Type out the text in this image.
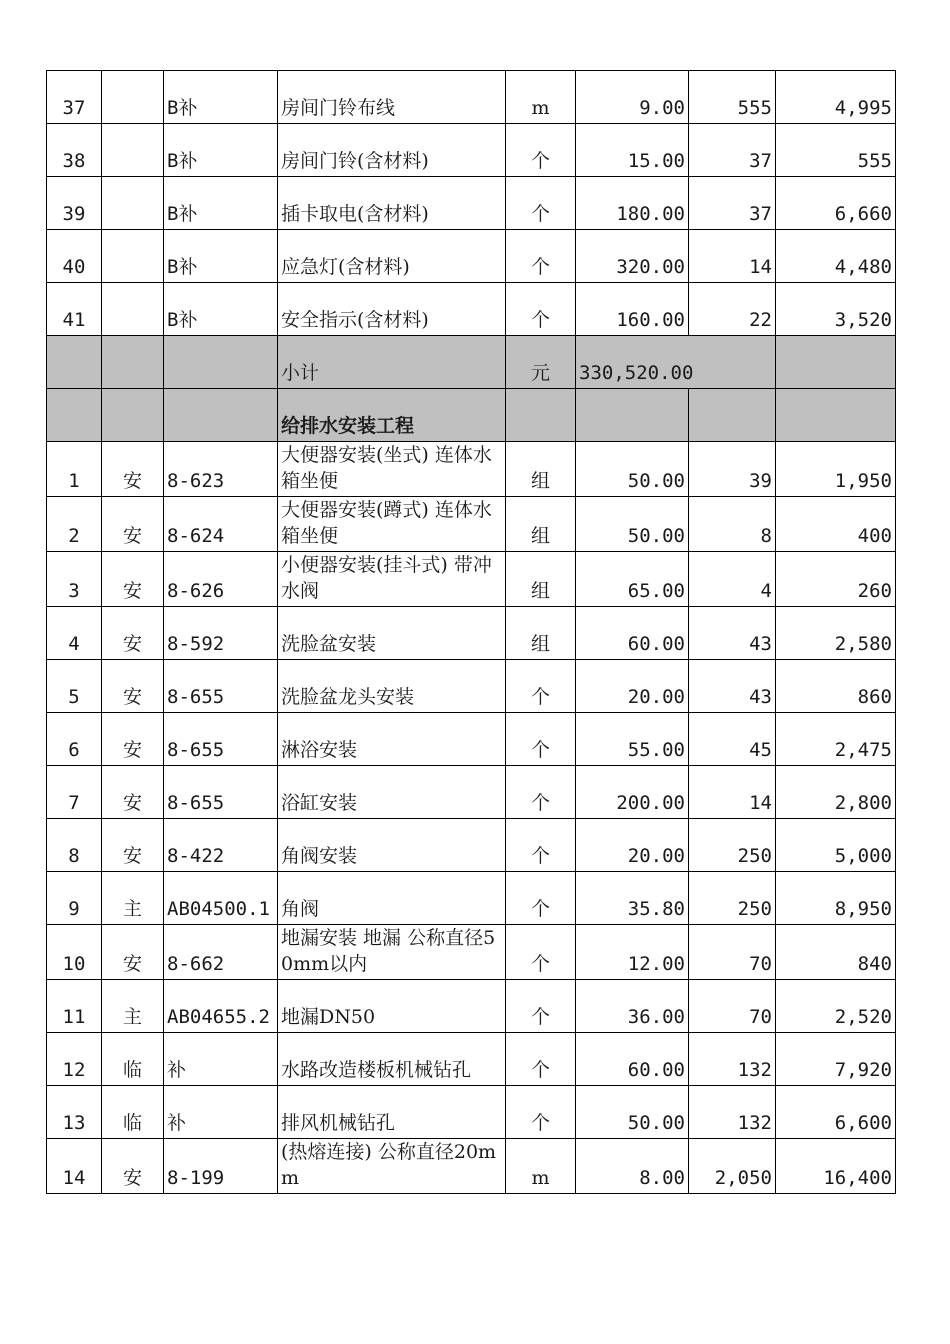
37		B补	房间门铃布线	m	9.00	555	4,995
38		B补	房间门铃(含材料)	个	15.00	37	555
39		B补	插卡取电(含材料)	个	180.00	37	6,660
40		B补	应急灯(含材料)	个	320.00	14	4,480
41		B补	安全指示(含材料)	个	160.00	22	3,520
			小计	元	330,520.00		
			给排水安装工程				
1	安	8-623	大便器安装(坐式) 连体水箱坐便	组	50.00	39	1,950
2	安	8-624	大便器安装(蹲式) 连体水箱坐便	组	50.00	8	400
3	安	8-626	小便器安装(挂斗式) 带冲水阀	组	65.00	4	260
4	安	8-592	洗脸盆安装	组	60.00	43	2,580
5	安	8-655	洗脸盆龙头安装	个	20.00	43	860
6	安	8-655	淋浴安装	个	55.00	45	2,475
7	安	8-655	浴缸安装	个	200.00	14	2,800
8	安	8-422	角阀安装	个	20.00	250	5,000
9	主	AB04500.1	角阀	个	35.80	250	8,950
10	安	8-662	地漏安装 地漏 公称直径50mm以内	个	12.00	70	840
11	主	AB04655.2	地漏DN50	个	36.00	70	2,520
12	临	补	水路改造楼板机械钻孔	个	60.00	132	7,920
13	临	补	排风机械钻孔	个	50.00	132	6,600
14	安	8-199	(热熔连接) 公称直径20mm	m	8.00	2,050	16,400
